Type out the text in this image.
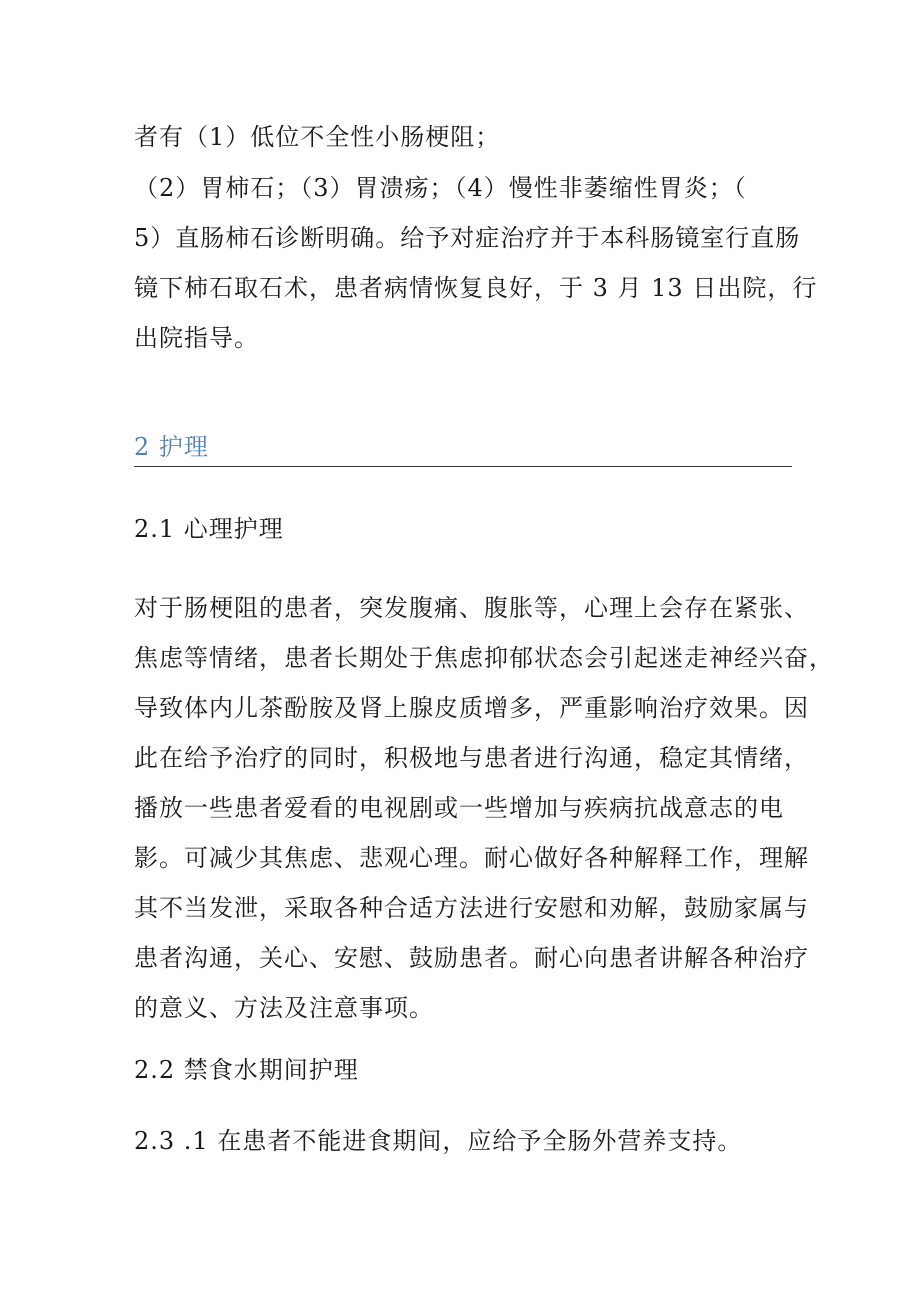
者有（1）低位不全性小肠梗阻；
（2）胃柿石；（3）胃溃疡；（4）慢性非萎缩性胃炎；（
5）直肠柿石诊断明确。给予对症治疗并于本科肠镜室行直肠
镜下柿石取石术，患者病情恢复良好，于 3 月 13 日出院，行
出院指导。
2 护理
2.1 心理护理
对于肠梗阻的患者，突发腹痛、腹胀等，心理上会存在紧张、
焦虑等情绪，患者长期处于焦虑抑郁状态会引起迷走神经兴奋，
导致体内儿茶酚胺及肾上腺皮质增多，严重影响治疗效果。因
此在给予治疗的同时，积极地与患者进行沟通，稳定其情绪，
播放一些患者爱看的电视剧或一些增加与疾病抗战意志的电
影。可减少其焦虑、悲观心理。耐心做好各种解释工作，理解
其不当发泄，采取各种合适方法进行安慰和劝解，鼓励家属与
患者沟通，关心、安慰、鼓励患者。耐心向患者讲解各种治疗
的意义、方法及注意事项。
2.2 禁食水期间护理
2.3 .1 在患者不能进食期间，应给予全肠外营养支持。
